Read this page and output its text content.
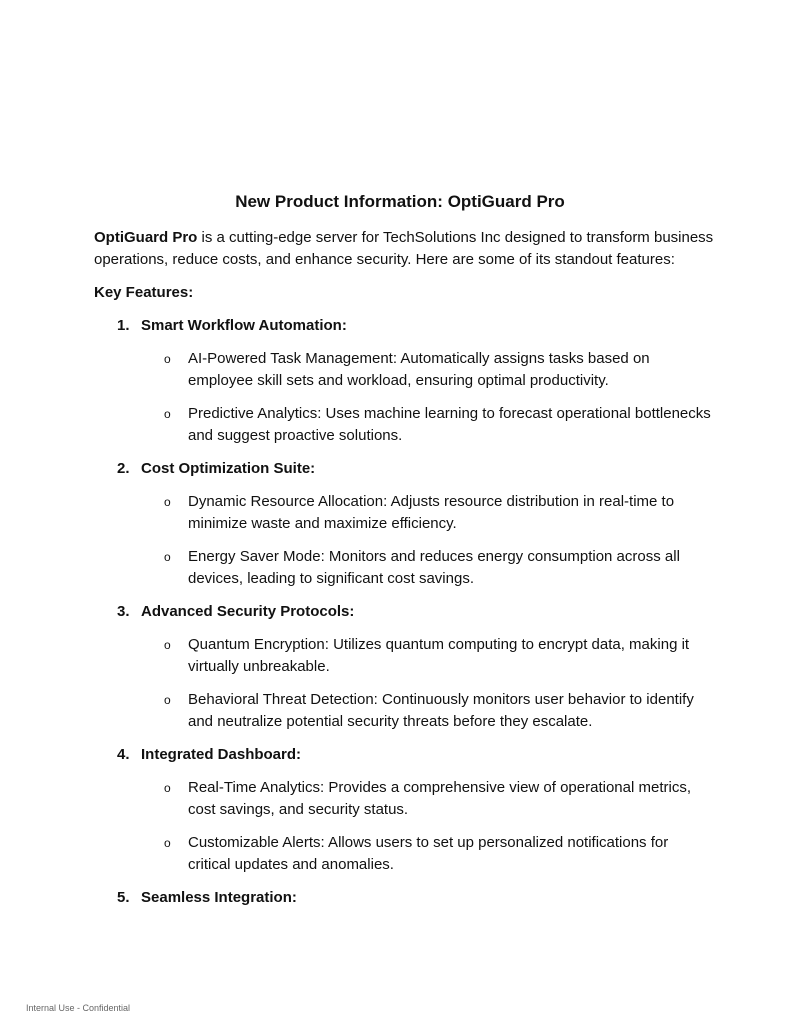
New Product Information: OptiGuard Pro

OptiGuard Pro is a cutting-edge server for TechSolutions Inc designed to transform business operations, reduce costs, and enhance security. Here are some of its standout features:

Key Features:

1. Smart Workflow Automation:
o AI-Powered Task Management: Automatically assigns tasks based on employee skill sets and workload, ensuring optimal productivity.
o Predictive Analytics: Uses machine learning to forecast operational bottlenecks and suggest proactive solutions.
2. Cost Optimization Suite:
o Dynamic Resource Allocation: Adjusts resource distribution in real-time to minimize waste and maximize efficiency.
o Energy Saver Mode: Monitors and reduces energy consumption across all devices, leading to significant cost savings.
3. Advanced Security Protocols:
o Quantum Encryption: Utilizes quantum computing to encrypt data, making it virtually unbreakable.
o Behavioral Threat Detection: Continuously monitors user behavior to identify and neutralize potential security threats before they escalate.
4. Integrated Dashboard:
o Real-Time Analytics: Provides a comprehensive view of operational metrics, cost savings, and security status.
o Customizable Alerts: Allows users to set up personalized notifications for critical updates and anomalies.
5. Seamless Integration:

Internal Use - Confidential
